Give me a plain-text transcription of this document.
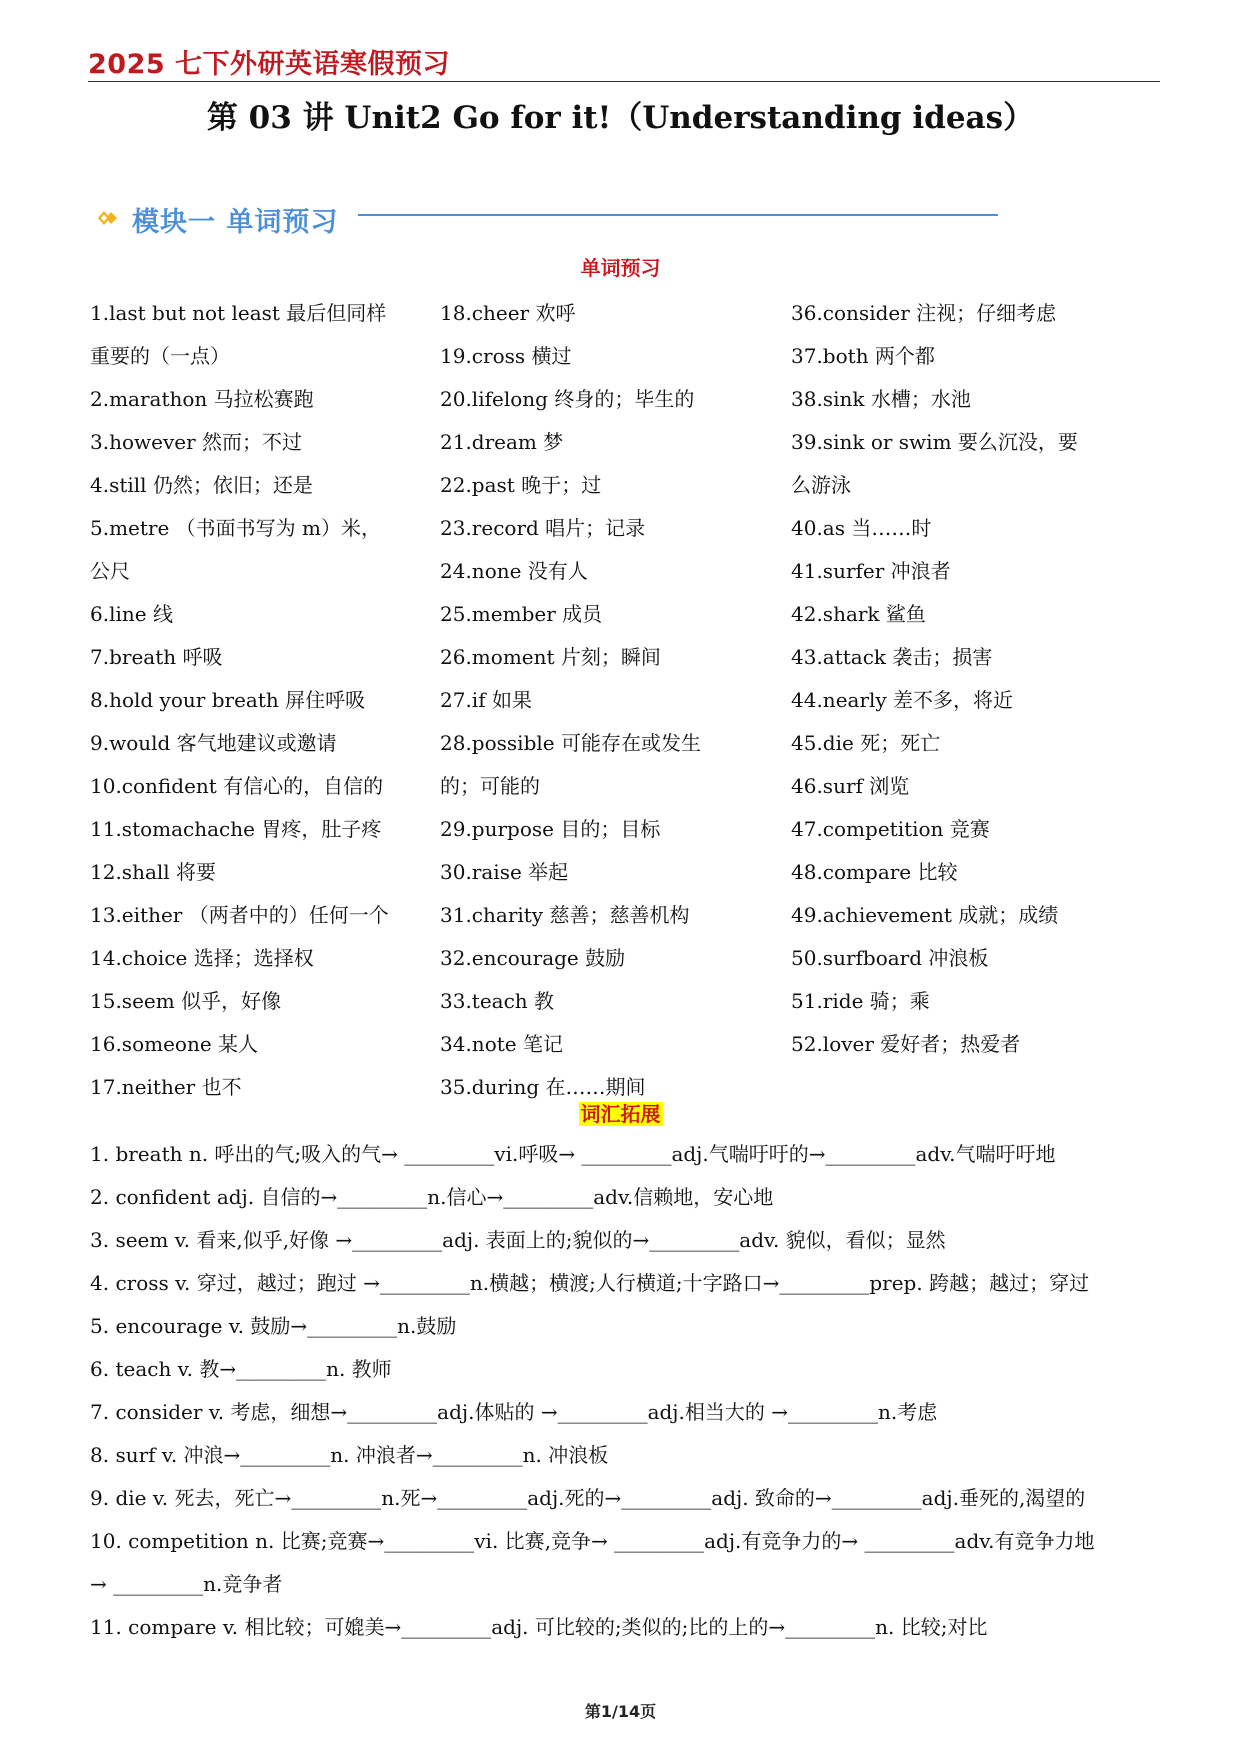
2025 七下外研英语寒假预习
第 03 讲 Unit2 Go for it!（Understanding ideas）
模块一 单词预习
单词预习
1.last but not least 最后但同样
重要的（一点）
2.marathon 马拉松赛跑
3.however 然而；不过
4.still 仍然；依旧；还是
5.metre （书面书写为 m）米，
公尺
6.line 线
7.breath 呼吸
8.hold your breath 屏住呼吸
9.would 客气地建议或邀请
10.confident 有信心的，自信的
11.stomachache 胃疼，肚子疼
12.shall 将要
13.either （两者中的）任何一个
14.choice 选择；选择权
15.seem 似乎，好像
16.someone 某人
17.neither 也不
18.cheer 欢呼
19.cross 横过
20.lifelong 终身的；毕生的
21.dream 梦
22.past 晚于；过
23.record 唱片；记录
24.none 没有人
25.member 成员
26.moment 片刻；瞬间
27.if 如果
28.possible 可能存在或发生
的；可能的
29.purpose 目的；目标
30.raise 举起
31.charity 慈善；慈善机构
32.encourage 鼓励
33.teach 教
34.note 笔记
35.during 在……期间
36.consider 注视；仔细考虑
37.both 两个都
38.sink 水槽；水池
39.sink or swim 要么沉没，要
么游泳
40.as 当……时
41.surfer 冲浪者
42.shark 鲨鱼
43.attack 袭击；损害
44.nearly 差不多，将近
45.die 死；死亡
46.surf 浏览
47.competition 竞赛
48.compare 比较
49.achievement 成就；成绩
50.surfboard 冲浪板
51.ride 骑；乘
52.lover 爱好者；热爱者
词汇拓展
1. breath n. 呼出的气;吸入的气→ _________vi.呼吸→ _________adj.气喘吁吁的→_________adv.气喘吁吁地
2. confident adj. 自信的→_________n.信心→_________adv.信赖地，安心地
3. seem v. 看来,似乎,好像 →_________adj. 表面上的;貌似的→_________adv. 貌似，看似；显然
4. cross v. 穿过，越过；跑过 →_________n.横越；横渡;人行横道;十字路口→_________prep. 跨越；越过；穿过
5. encourage v. 鼓励→_________n.鼓励
6. teach v. 教→_________n. 教师
7. consider v. 考虑，细想→_________adj.体贴的 →_________adj.相当大的 →_________n.考虑
8. surf v. 冲浪→_________n. 冲浪者→_________n. 冲浪板
9. die v. 死去，死亡→_________n.死→_________adj.死的→_________adj. 致命的→_________adj.垂死的,渴望的
10. competition n. 比赛;竞赛→_________vi. 比赛,竞争→ _________adj.有竞争力的→ _________adv.有竞争力地
→ _________n.竞争者
11. compare v. 相比较；可媲美→_________adj. 可比较的;类似的;比的上的→_________n. 比较;对比
第1/14页
